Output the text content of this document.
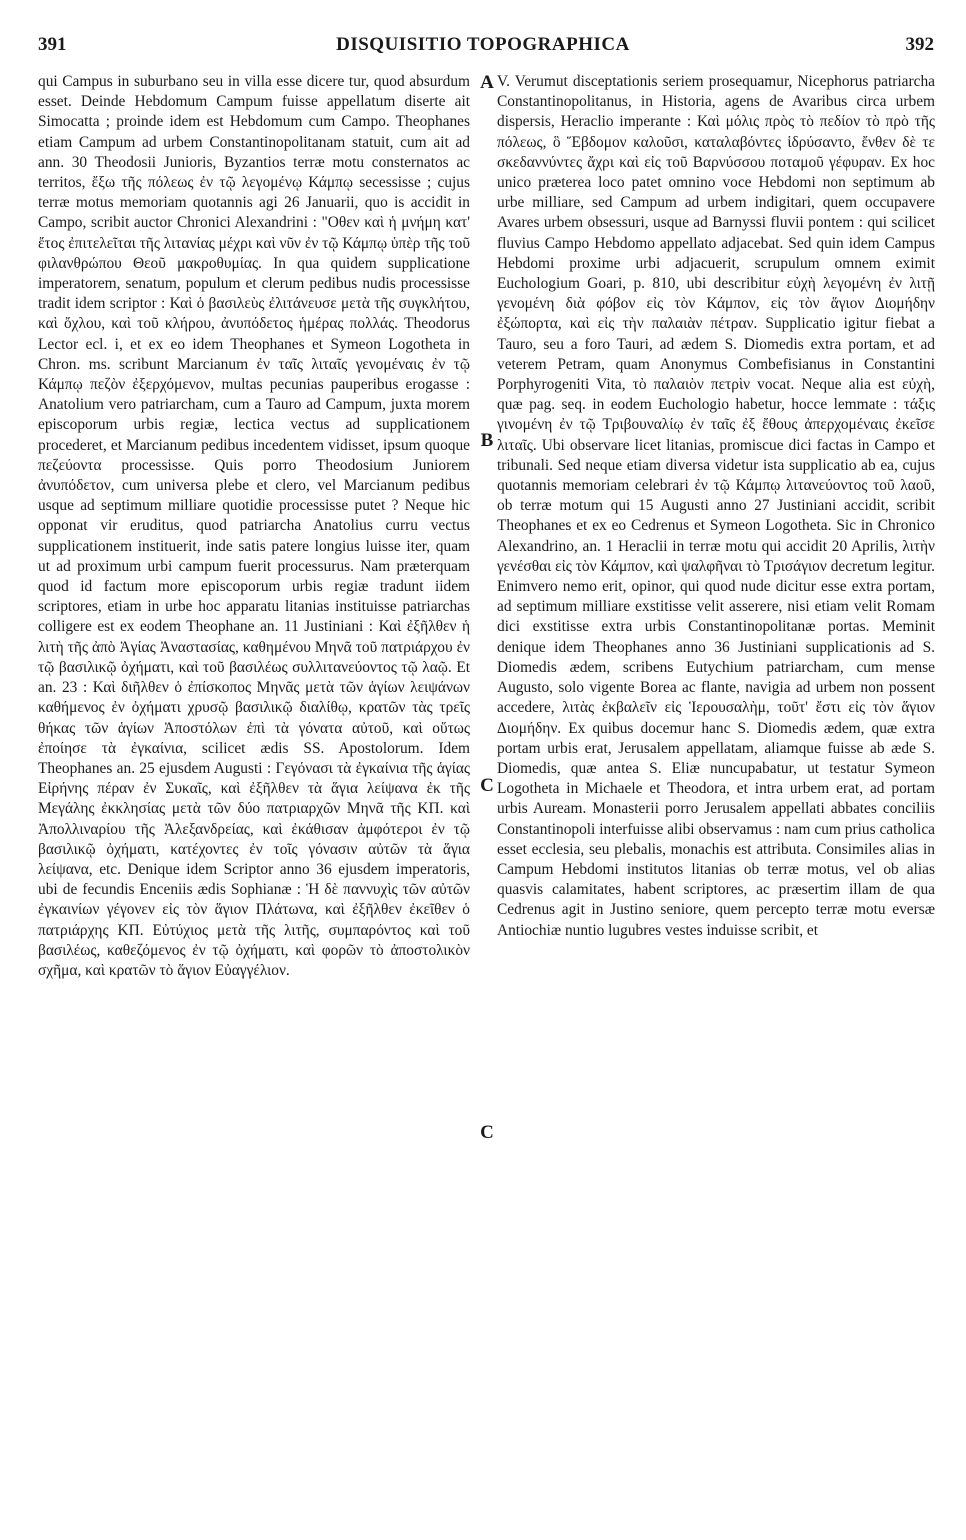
391	DISQUISITIO TOPOGRAPHICA	392

qui Campus in suburbano seu in villa esse dicere tur, quod absurdum esset. Deinde Hebdomum Campum fuisse appellatum diserte ait Simocatta ; proinde idem est Hebdomum cum Campo. Theophanes etiam Campum ad urbem Constantinopolitanam statuit, cum ait ad ann. 30 Theodosii Junioris, Byzantios terræ motu consternatos ac territos, ἔξω τῆς πόλεως ἐν τῷ λεγομένῳ Κάμπῳ secessisse ; cujus terræ motus memoriam quotannis agi 26 Januarii, quo is accidit in Campo, scribit auctor Chronici Alexandrini : "Οθεν καὶ ἡ μνήμη κατ' ἔτος ἐπιτελεῖται τῆς λιτανίας μέχρι καὶ νῦν ἐν τῷ Κάμπῳ ὑπὲρ τῆς τοῦ φιλανθρώπου Θεοῦ μακροθυμίας. In qua quidem supplicatione imperatorem, senatum, populum et clerum pedibus nudis processisse tradit idem scriptor : Καὶ ὁ βασιλεὺς ἐλιτάνευσε μετὰ τῆς συγκλήτου, καὶ ὄχλου, καὶ τοῦ κλήρου, ἀνυπόδετος ἡμέρας πολλάς. Theodorus Lector ecl. i, et ex eo idem Theophanes et Symeon Logotheta in Chron. ms. scribunt Marcianum ἐν ταῖς λιταῖς γενομέναις ἐν τῷ Κάμπῳ πεζὸν ἐξερχόμενον, multas pecunias pauperibus erogasse : Anatolium vero patriarcham, cum a Tauro ad Campum, juxta morem episcoporum urbis regiæ, lectica vectus ad supplicationem procederet, et Marcianum pedibus incedentem vidisset, ipsum quoque πεζεύοντα processisse. Quis porro Theodosium Juniorem ἀνυπόδετον, cum universa plebe et clero, vel Marcianum pedibus usque ad septimum milliare quotidie processisse putet ? Neque hic opponat vir eruditus, quod patriarcha Anatolius curru vectus supplicationem instituerit, inde satis patere longius luisse iter, quam ut ad proximum urbi campum fuerit processurus. Nam præterquam quod id factum more episcoporum urbis regiæ tradunt iidem scriptores, etiam in urbe hoc apparatu litanias instituisse patriarchas colligere est ex eodem Theophane an. 11 Justiniani : Καὶ ἐξῆλθεν ἡ λιτὴ τῆς ἀπὸ Ἁγίας Ἀναστασίας, καθημένου Μηνᾶ τοῦ πατριάρχου ἐν τῷ βασιλικῷ ὀχήματι, καὶ τοῦ βασιλέως συλλιτανεύοντος τῷ λαῷ. Et an. 23 : Καὶ διῆλθεν ὁ ἐπίσκοπος Μηνᾶς μετὰ τῶν ἁγίων λειψάνων καθήμενος ἐν ὀχήματι χρυσῷ βασιλικῷ διαλίθῳ, κρατῶν τὰς τρεῖς θήκας τῶν ἁγίων Ἀποστόλων ἐπὶ τὰ γόνατα αὐτοῦ, καὶ οὕτως ἐποίησε τὰ ἐγκαίνια, scilicet ædis SS. Apostolorum. Idem Theophanes an. 25 ejusdem Augusti : Γεγόνασι τὰ ἐγκαίνια τῆς ἁγίας Εἰρήνης πέραν ἐν Συκαῖς, καὶ ἐξῆλθεν τὰ ἅγια λείψανα ἐκ τῆς Μεγάλης ἐκκλησίας μετὰ τῶν δύο πατριαρχῶν Μηνᾶ τῆς ΚΠ. καὶ Ἀπολλιναρίου τῆς Ἀλεξανδρείας, καὶ ἐκάθισαν ἀμφότεροι ἐν τῷ βασιλικῷ ὀχήματι, κατέχοντες ἐν τοῖς γόνασιν αὐτῶν τὰ ἅγια λείψανα, etc. Denique idem Scriptor anno 36 ejusdem imperatoris, ubi de fecundis Enceniis ædis Sophianæ : Ἡ δὲ παννυχὶς τῶν αὐτῶν ἐγκαινίων γέγονεν εἰς τὸν ἅγιον Πλάτωνα, καὶ ἐξῆλθεν ἐκεῖθεν ὁ πατριάρχης ΚΠ. Εὐτύχιος μετὰ τῆς λιτῆς, συμπαρόντος καὶ τοῦ βασιλέως, καθεζόμενος ἐν τῷ ὀχήματι, καὶ φορῶν τὸ ἀποστολικὸν σχῆμα, καὶ κρατῶν τὸ ἅγιον Εὐαγγέλιον.

A
B
C
C

V. Verumut disceptationis seriem prosequamur, Nicephorus patriarcha Constantinopolitanus, in Historia, agens de Avaribus circa urbem dispersis, Heraclio imperante : Καὶ μόλις πρὸς τὸ πεδίον τὸ πρὸ τῆς πόλεως, ὃ Ἕβδομον καλοῦσι, καταλαβόντες ἱδρύσαντο, ἔνθεν δὲ τε σκεδαννύντες ἄχρι καὶ εἰς τοῦ Βαρνύσσου ποταμοῦ γέφυραν. Ex hoc unico præterea loco patet omnino voce Hebdomi non septimum ab urbe milliare, sed Campum ad urbem indigitari, quem occupavere Avares urbem obsessuri, usque ad Barnyssi fluvii pontem : qui scilicet fluvius Campo Hebdomo appellato adjacebat. Sed quin idem Campus Hebdomi proxime urbi adjacuerit, scrupulum omnem eximit Euchologium Goari, p. 810, ubi describitur εὐχὴ λεγομένη ἐν λιτῇ γενομένη διὰ φόβον εἰς τὸν Κάμπον, εἰς τὸν ἅγιον Διομήδην ἐξώπορτα, καὶ εἰς τὴν παλαιὰν πέτραν. Supplicatio igitur fiebat a Tauro, seu a foro Tauri, ad ædem S. Diomedis extra portam, et ad veterem Petram, quam Anonymus Combefisianus in Constantini Porphyrogeniti Vita, τὸ παλαιὸν πετρὶν vocat. Neque alia est εὐχὴ, quæ pag. seq. in eodem Euchologio habetur, hocce lemmate : τάξις γινομένη ἐν τῷ Τριβουναλίῳ ἐν ταῖς ἐξ ἔθους ἀπερχομέναις ἐκεῖσε λιταῖς. Ubi observare licet litanias, promiscue dici factas in Campo et tribunali. Sed neque etiam diversa videtur ista supplicatio ab ea, cujus quotannis memoriam celebrari ἐν τῷ Κάμπῳ λιτανεύοντος τοῦ λαοῦ, ob terræ motum qui 15 Augusti anno 27 Justiniani accidit, scribit Theophanes et ex eo Cedrenus et Symeon Logotheta. Sic in Chronico Alexandrino, an. 1 Heraclii in terræ motu qui accidit 20 Aprilis, λιτὴν γενέσθαι εἰς τὸν Κάμπον, καὶ ψαλφῆναι τὸ Τρισάγιον decretum legitur. Enimvero nemo erit, opinor, qui quod nude dicitur esse extra portam, ad septimum milliare exstitisse velit asserere, nisi etiam velit Romam dici exstitisse extra urbis Constantinopolitanæ portas. Meminit denique idem Theophanes anno 36 Justiniani supplicationis ad S. Diomedis ædem, scribens Eutychium patriarcham, cum mense Augusto, solo vigente Borea ac flante, navigia ad urbem non possent accedere, λιτὰς ἐκβαλεῖν εἰς Ἱερουσαλὴμ, τοῦτ' ἔστι εἰς τὸν ἅγιον Διομήδην. Ex quibus docemur hanc S. Diomedis ædem, quæ extra portam urbis erat, Jerusalem appellatam, aliamque fuisse ab æde S. Diomedis, quæ antea S. Eliæ nuncupabatur, ut testatur Symeon Logotheta in Michaele et Theodora, et intra urbem erat, ad portam urbis Auream. Monasterii porro Jerusalem appellati abbates conciliis Constantinopoli interfuisse alibi observamus : nam cum prius catholica esset ecclesia, seu plebalis, monachis est attributa. Consimiles alias in Campum Hebdomi institutos litanias ob terræ motus, vel ob alias quasvis calamitates, habent scriptores, ac præsertim illam de qua Cedrenus agit in Justino seniore, quem percepto terræ motu eversæ Antiochiæ nuntio lugubres vestes induisse scribit, et
